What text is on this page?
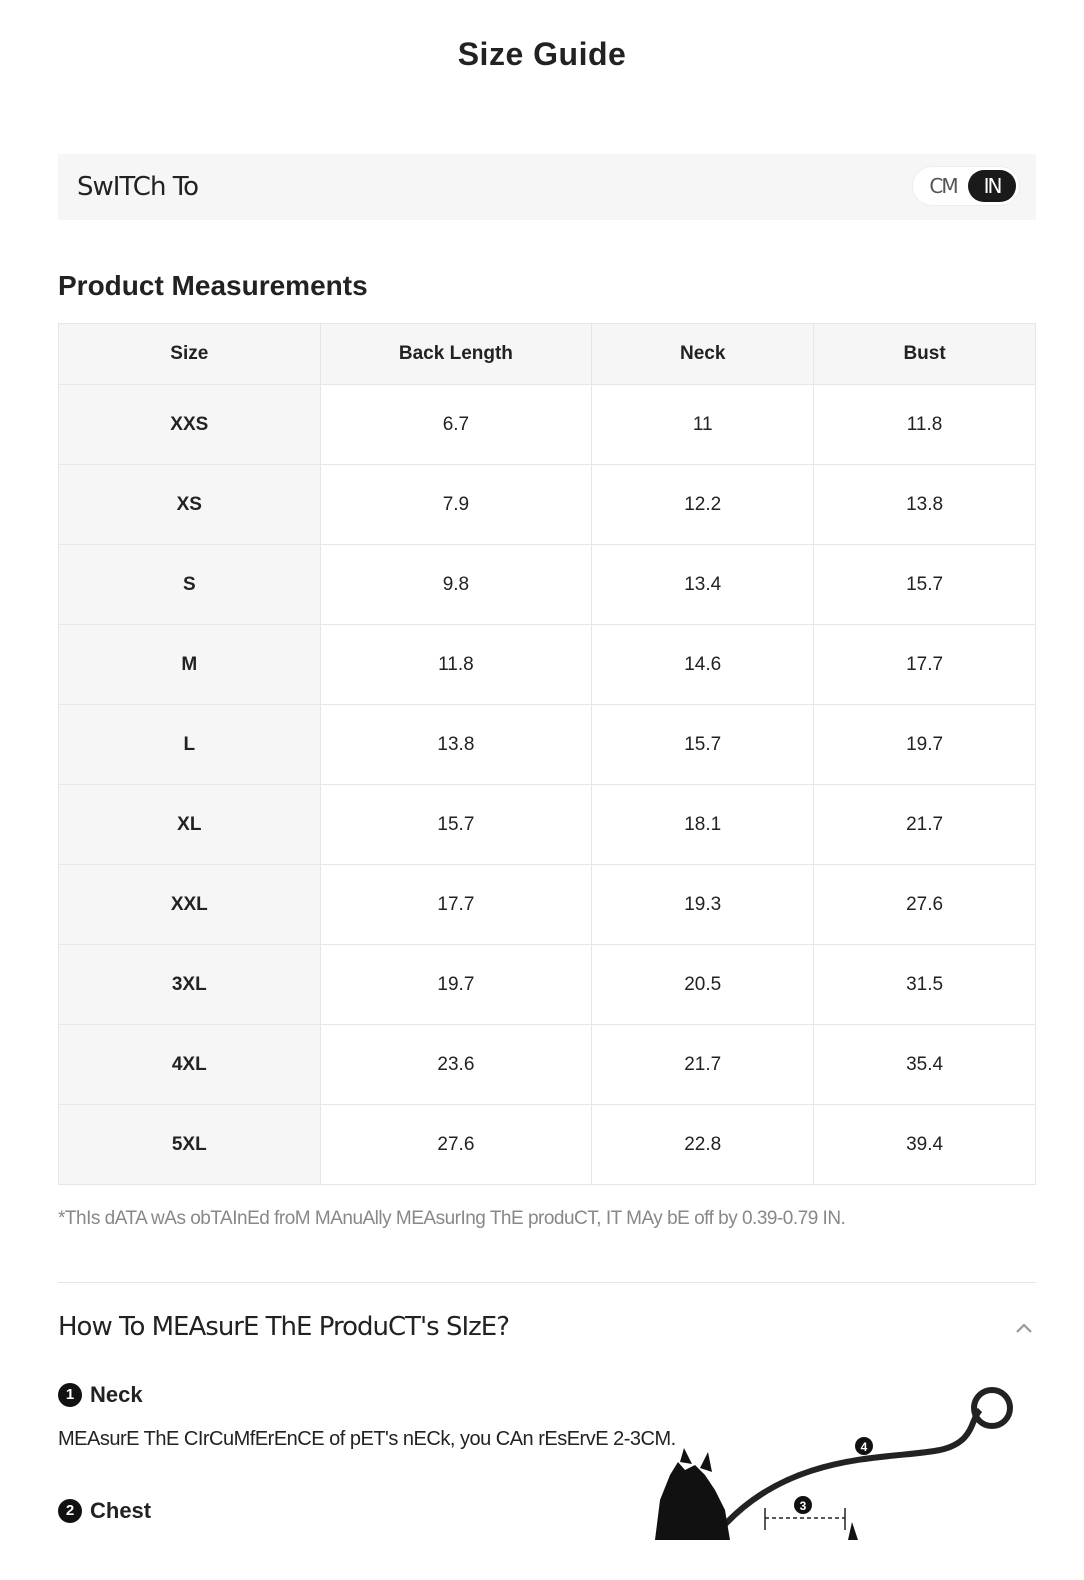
Size Guide
SwITCh To	CM	IN
Product Measurements
Size	Back Length	Neck	Bust
XXS	6.7	11	11.8
XS	7.9	12.2	13.8
S	9.8	13.4	15.7
M	11.8	14.6	17.7
L	13.8	15.7	19.7
XL	15.7	18.1	21.7
XXL	17.7	19.3	27.6
3XL	19.7	20.5	31.5
4XL	23.6	21.7	35.4
5XL	27.6	22.8	39.4
*ThIs dATA wAs obTAInEd froM MAnuAlly MEAsurIng ThE produCT, IT MAy bE off by 0.39-0.79 IN.
How To MEAsurE ThE ProduCT's SIzE?
1 Neck
MEAsurE ThE CIrCuMfErEnCE of pET's nECk, you CAn rEsErvE 2-3CM.
2 Chest	3
4
